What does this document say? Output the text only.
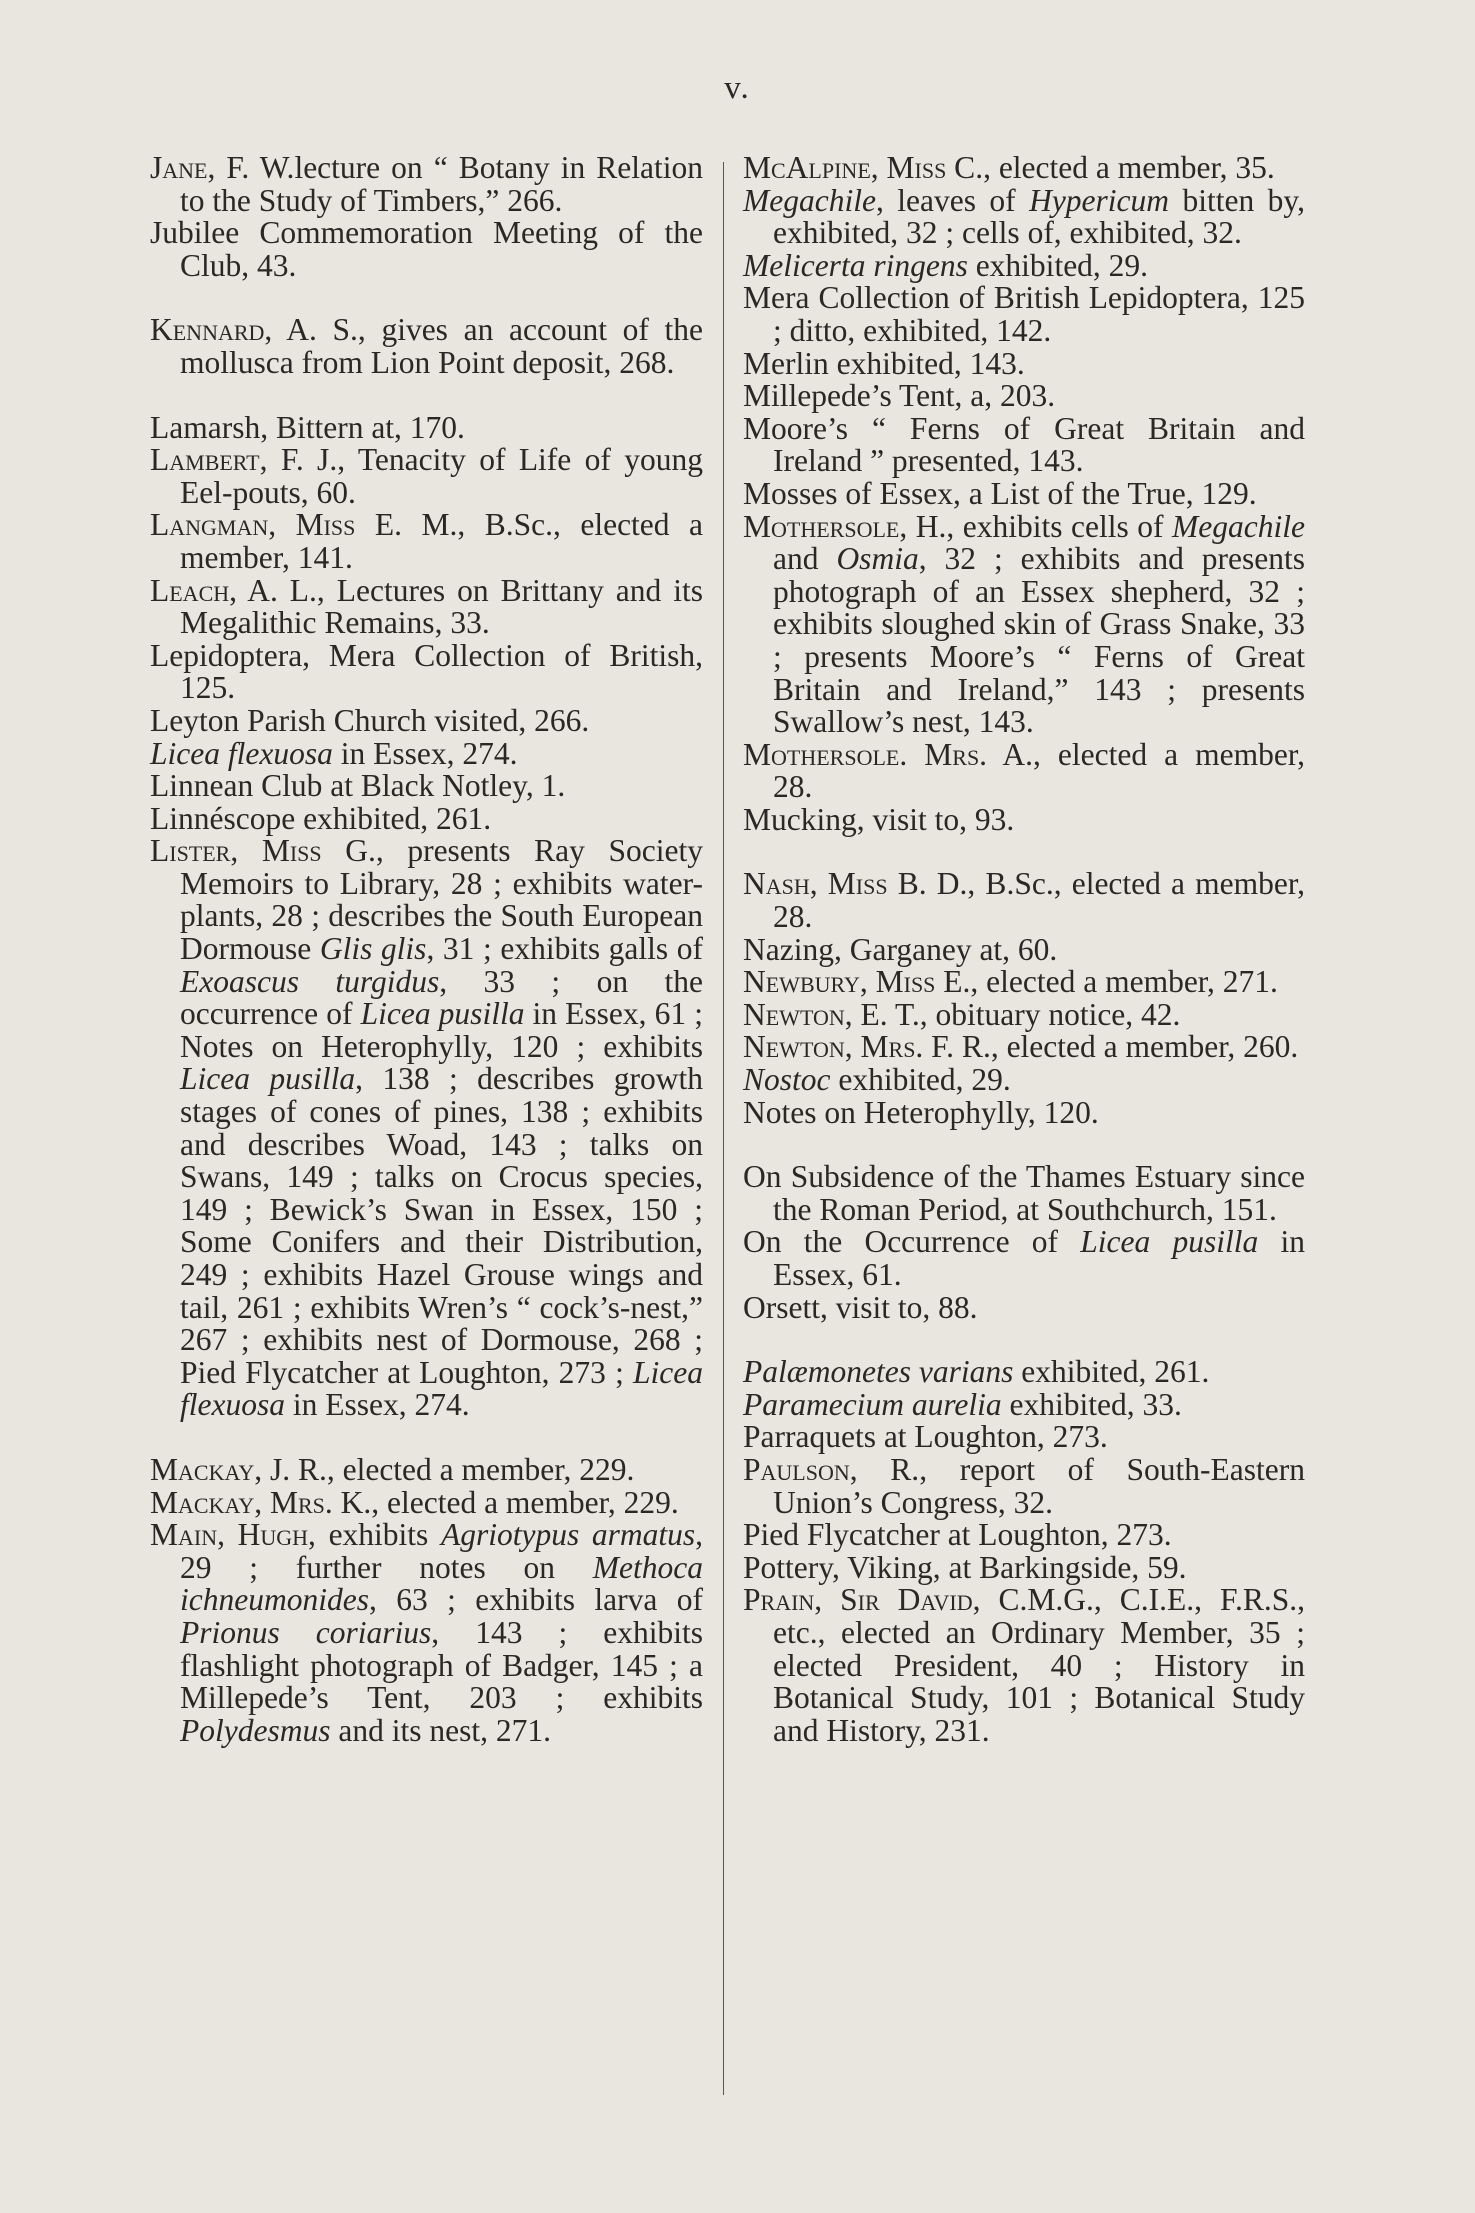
v.

Jane, F. W.lecture on “ Botany in Relation to the Study of Timbers,” 266.

Jubilee Commemoration Meeting of the Club, 43.

Kennard, A. S., gives an account of the mollusca from Lion Point deposit, 268.

Lamarsh, Bittern at, 170.

Lambert, F. J., Tenacity of Life of young Eel-pouts, 60.

Langman, Miss E. M., B.Sc., elected a member, 141.

Leach, A. L., Lectures on Brittany and its Megalithic Remains, 33.

Lepidoptera, Mera Collection of British, 125.

Leyton Parish Church visited, 266.

Licea flexuosa in Essex, 274.

Linnean Club at Black Notley, 1.

Linnéscope exhibited, 261.

Lister, Miss G., presents Ray Society Memoirs to Library, 28 ; exhibits water-plants, 28 ; describes the South European Dormouse Glis glis, 31 ; exhibits galls of Exoascus turgidus, 33 ; on the occurrence of Licea pusilla in Essex, 61 ; Notes on Heterophylly, 120 ; exhibits Licea pusilla, 138 ; describes growth stages of cones of pines, 138 ; exhibits and describes Woad, 143 ; talks on Swans, 149 ; talks on Crocus species, 149 ; Bewick’s Swan in Essex, 150 ; Some Conifers and their Distribution, 249 ; exhibits Hazel Grouse wings and tail, 261 ; exhibits Wren’s “ cock’s-nest,” 267 ; exhibits nest of Dormouse, 268 ; Pied Flycatcher at Loughton, 273 ; Licea flexuosa in Essex, 274.

Mackay, J. R., elected a member, 229.

Mackay, Mrs. K., elected a member, 229.

Main, Hugh, exhibits Agriotypus armatus, 29 ; further notes on Methoca ichneumonides, 63 ; exhibits larva of Prionus coriarius, 143 ; exhibits flashlight photograph of Badger, 145 ; a Millepede’s Tent, 203 ; exhibits Polydesmus and its nest, 271.

McAlpine, Miss C., elected a member, 35.

Megachile, leaves of Hypericum bitten by, exhibited, 32 ; cells of, exhibited, 32.

Melicerta ringens exhibited, 29.

Mera Collection of British Lepidoptera, 125 ; ditto, exhibited, 142.

Merlin exhibited, 143.

Millepede’s Tent, a, 203.

Moore’s “ Ferns of Great Britain and Ireland ” presented, 143.

Mosses of Essex, a List of the True, 129.

Mothersole, H., exhibits cells of Megachile and Osmia, 32 ; exhibits and presents photograph of an Essex shepherd, 32 ; exhibits sloughed skin of Grass Snake, 33 ; presents Moore’s “ Ferns of Great Britain and Ireland,” 143 ; presents Swallow’s nest, 143.

Mothersole. Mrs. A., elected a member, 28.

Mucking, visit to, 93.

Nash, Miss B. D., B.Sc., elected a member, 28.

Nazing, Garganey at, 60.

Newbury, Miss E., elected a member, 271.

Newton, E. T., obituary notice, 42.

Newton, Mrs. F. R., elected a member, 260.

Nostoc exhibited, 29.

Notes on Heterophylly, 120.

On Subsidence of the Thames Estuary since the Roman Period, at Southchurch, 151.

On the Occurrence of Licea pusilla in Essex, 61.

Orsett, visit to, 88.

Palæmonetes varians exhibited, 261.

Paramecium aurelia exhibited, 33.

Parraquets at Loughton, 273.

Paulson, R., report of South-Eastern Union’s Congress, 32.

Pied Flycatcher at Loughton, 273.

Pottery, Viking, at Barkingside, 59.

Prain, Sir David, C.M.G., C.I.E., F.R.S., etc., elected an Ordinary Member, 35 ; elected President, 40 ; History in Botanical Study, 101 ; Botanical Study and History, 231.
